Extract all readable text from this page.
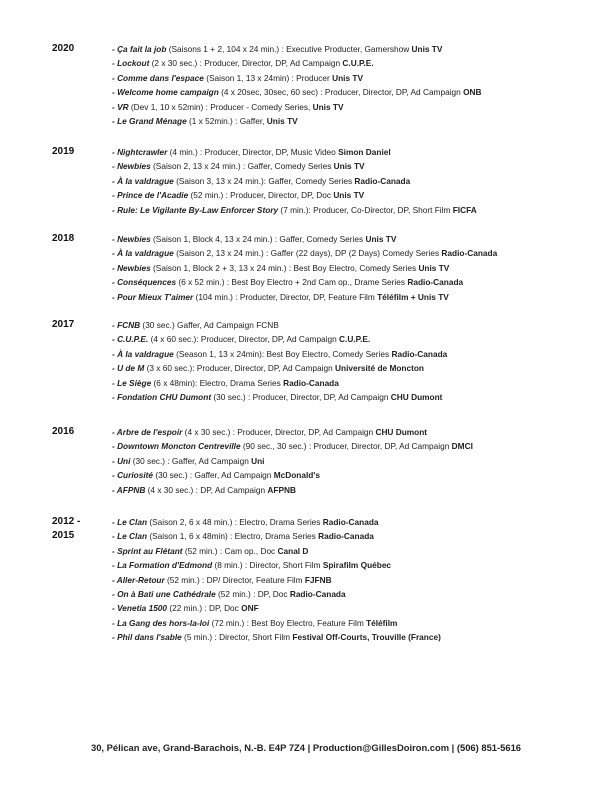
2020	- Ça fait la job (Saisons 1 + 2, 104 x 24 min.) : Executive Producter, Gamershow Unis TV
- Lockout (2 x 30 sec.) : Producer, Director, DP, Ad Campaign C.U.P.E.
- Comme dans l'espace (Saison 1, 13 x 24min) : Producer Unis TV
- Welcome home campaign (4 x 20sec, 30sec, 60 sec) : Producer, Director, DP, Ad Campaign ONB
- VR (Dev 1, 10 x 52min) : Producer - Comedy Series, Unis TV
- Le Grand Ménage (1 x 52min.) : Gaffer, Unis TV
2019	- Nightcrawler (4 min.) : Producer, Director, DP, Music Video Simon Daniel
- Newbies (Saison 2, 13 x 24 min.) : Gaffer, Comedy Series Unis TV
- À la valdrague (Saison 3, 13 x 24 min.): Gaffer, Comedy Series Radio-Canada
- Prince de l'Acadie (52 min.) : Producer, Director, DP, Doc Unis TV
- Rule: Le Vigilante By-Law Enforcer Story (7 min.): Producer, Co-Director, DP, Short Film FICFA
2018	- Newbies (Saison 1, Block 4, 13 x 24 min.) : Gaffer, Comedy Series Unis TV
- À la valdrague (Saison 2, 13 x 24 min.) : Gaffer (22 days), DP (2 Days) Comedy Series Radio-Canada
- Newbies (Saison 1, Block 2 + 3, 13 x 24 min.) : Best Boy Electro, Comedy Series Unis TV
- Conséquences (6 x 52 min.) : Best Boy Electro + 2nd Cam op., Drame Series Radio-Canada
- Pour Mieux T'aimer (104 min.) : Producter, Director, DP, Feature Film Téléfilm + Unis TV
2017	- FCNB (30 sec.) Gaffer, Ad Campaign FCNB
- C.U.P.E. (4 x 60 sec.): Producer, Director, DP, Ad Campaign C.U.P.E.
- À la valdrague (Season 1, 13 x 24min): Best Boy Electro, Comedy Series Radio-Canada
- U de M (3 x 60 sec.): Producer, Director, DP, Ad Campaign Université de Moncton
- Le Siège (6 x 48min): Electro, Drama Series Radio-Canada
- Fondation CHU Dumont (30 sec.) : Producer, Director, DP, Ad Campaign CHU Dumont
2016	- Arbre de l'espoir (4 x 30 sec.) : Producer, Director, DP, Ad Campaign CHU Dumont
- Downtown Moncton Centreville (90 sec., 30 sec.) : Producer, Director, DP, Ad Campaign DMCI
- Uni (30 sec.) : Gaffer, Ad Campaign Uni
- Curiosité (30 sec.) : Gaffer, Ad Campaign McDonald's
- AFPNB (4 x 30 sec.) : DP, Ad Campaign AFPNB
2012 -
2015
- Le Clan (Saison 2, 6 x 48 min.) : Electro, Drama Series Radio-Canada
- Le Clan (Saison 1, 6 x 48min) : Electro, Drama Series Radio-Canada
- Sprint au Flétant (52 min.) : Cam op., Doc Canal D
- La Formation d'Edmond (8 min.) : Director, Short Film Spirafilm Québec
- Aller-Retour (52 min.) : DP/ Director, Feature Film FJFNB
- On à Bati une Cathédrale (52 min.) : DP, Doc Radio-Canada
- Venetia 1500 (22 min.) : DP, Doc ONF
- La Gang des hors-la-loi (72 min.) : Best Boy Electro, Feature Film Téléfilm
- Phil dans l'sable (5 min.) : Director, Short Film Festival Off-Courts, Trouville (France)
30, Pélican ave, Grand-Barachois, N.-B. E4P 7Z4 | Production@GillesDoiron.com | (506) 851-5616
